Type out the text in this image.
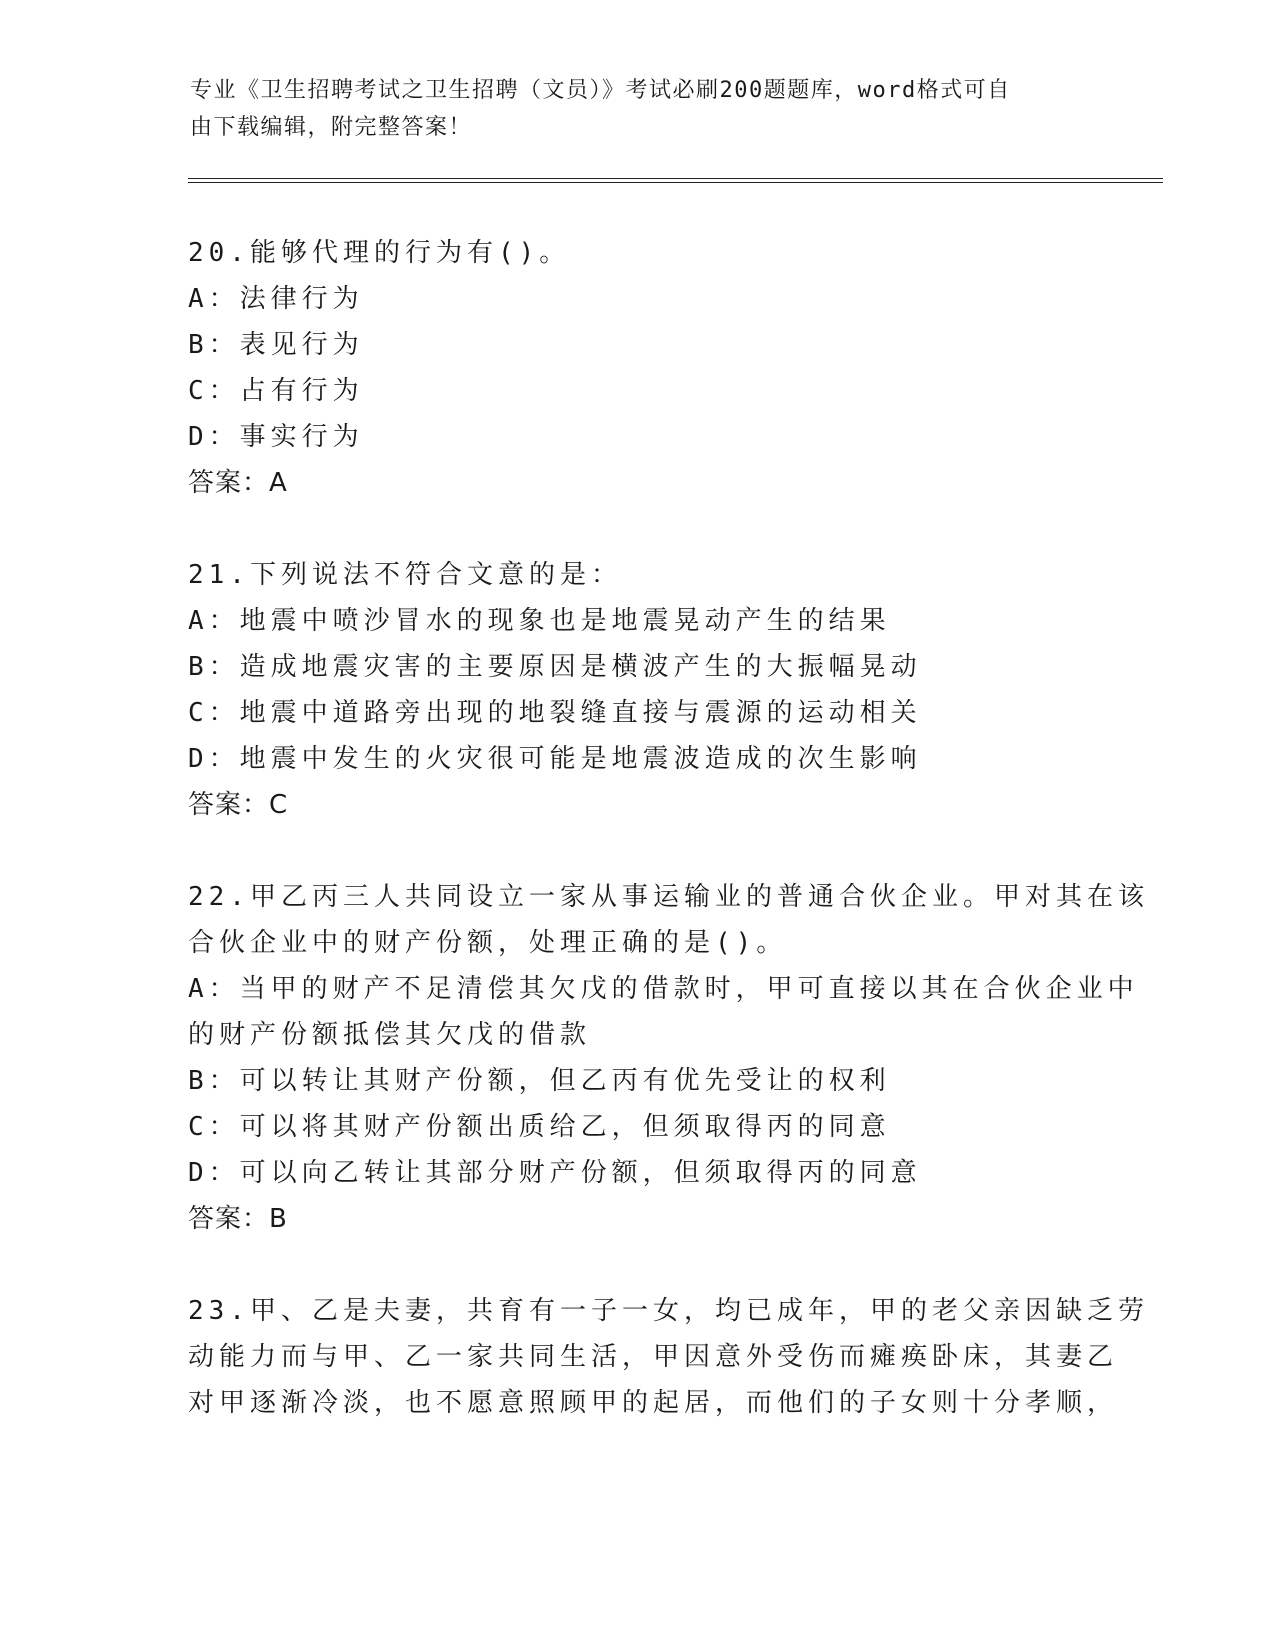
专业《卫生招聘考试之卫生招聘（文员）》考试必刷200题题库，word格式可自

由下载编辑，附完整答案！

20.能够代理的行为有()。
A：法律行为
B：表见行为
C：占有行为
D：事实行为
答案：A
21.下列说法不符合文意的是：
A：地震中喷沙冒水的现象也是地震晃动产生的结果
B：造成地震灾害的主要原因是横波产生的大振幅晃动
C：地震中道路旁出现的地裂缝直接与震源的运动相关
D：地震中发生的火灾很可能是地震波造成的次生影响
答案：C
22.甲乙丙三人共同设立一家从事运输业的普通合伙企业。甲对其在该
合伙企业中的财产份额，处理正确的是()。
A：当甲的财产不足清偿其欠戊的借款时，甲可直接以其在合伙企业中
的财产份额抵偿其欠戊的借款
B：可以转让其财产份额，但乙丙有优先受让的权利
C：可以将其财产份额出质给乙，但须取得丙的同意
D：可以向乙转让其部分财产份额，但须取得丙的同意
答案：B
23.甲、乙是夫妻，共育有一子一女，均已成年，甲的老父亲因缺乏劳
动能力而与甲、乙一家共同生活，甲因意外受伤而瘫痪卧床，其妻乙
对甲逐渐冷淡，也不愿意照顾甲的起居，而他们的子女则十分孝顺，
